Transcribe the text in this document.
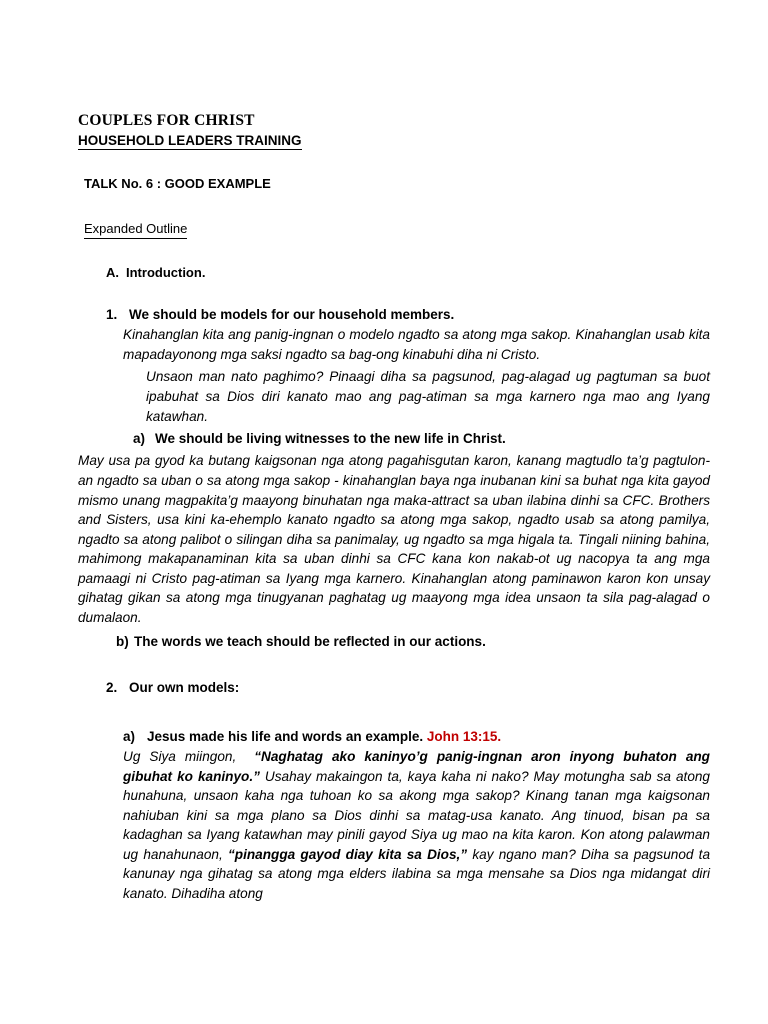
COUPLES FOR CHRIST
HOUSEHOLD LEADERS TRAINING
TALK No. 6 : GOOD EXAMPLE
Expanded Outline
A. Introduction.
1. We should be models for our household members.

Kinahanglan kita ang panig-ingnan o modelo ngadto sa atong mga sakop. Kinahanglan usab kita mapadayonong mga saksi ngadto sa bag-ong kinabuhi diha ni Cristo.

Unsaon man nato paghimo? Pinaagi diha sa pagsunod, pag-alagad ug pagtuman sa buot ipabuhat sa Dios diri kanato mao ang pag-atiman sa mga karnero nga mao ang Iyang katawhan.

a) We should be living witnesses to the new life in Christ.

May usa pa gyod ka butang kaigsonan nga atong pagahisgutan karon, kanang magtudlo ta’g pagtulon-an ngadto sa uban o sa atong mga sakop - kinahanglan baya nga inubanan kini sa buhat nga kita gayod mismo unang magpakita’g maayong binuhatan nga maka-attract sa uban ilabina dinhi sa CFC. Brothers and Sisters, usa kini ka-ehemplo kanato ngadto sa atong mga sakop, ngadto usab sa atong pamilya, ngadto sa atong palibot o silingan diha sa panimalay, ug ngadto sa mga higala ta. Tingali niining bahina, mahimong makapanaminan kita sa uban dinhi sa CFC kana kon nakab-ot ug nacopya ta ang mga pamaagi ni Cristo pag-atiman sa Iyang mga karnero. Kinahanglan atong paminawon karon kon unsay gihatag gikan sa atong mga tinugyanan paghatag ug maayong mga idea unsaon ta sila pag-alagad o dumalaon.

b) The words we teach should be reflected in our actions.
2. Our own models:
a) Jesus made his life and words an example. John 13:15.

Ug Siya miingon, “Naghatag ako kaninyo’g panig-ingnan aron inyong buhaton ang gibuhat ko kaninyo.” Usahay makaingon ta, kaya kaha ni nako? May motungha sab sa atong hunahuna, unsaon kaha nga tuhoan ko sa akong mga sakop? Kinang tanan mga kaigsonan nahiuban kini sa mga plano sa Dios dinhi sa matag-usa kanato. Ang tinuod, bisan pa sa kadaghan sa Iyang katawhan may pinili gayod Siya ug mao na kita karon. Kon atong palawman ug hanahunaon, “pinangga gayod diay kita sa Dios,” kay ngano man? Diha sa pagsunod ta kanunay nga gihatag sa atong mga elders ilabina sa mga mensahe sa Dios nga midangat diri kanato. Dihadiha atong
